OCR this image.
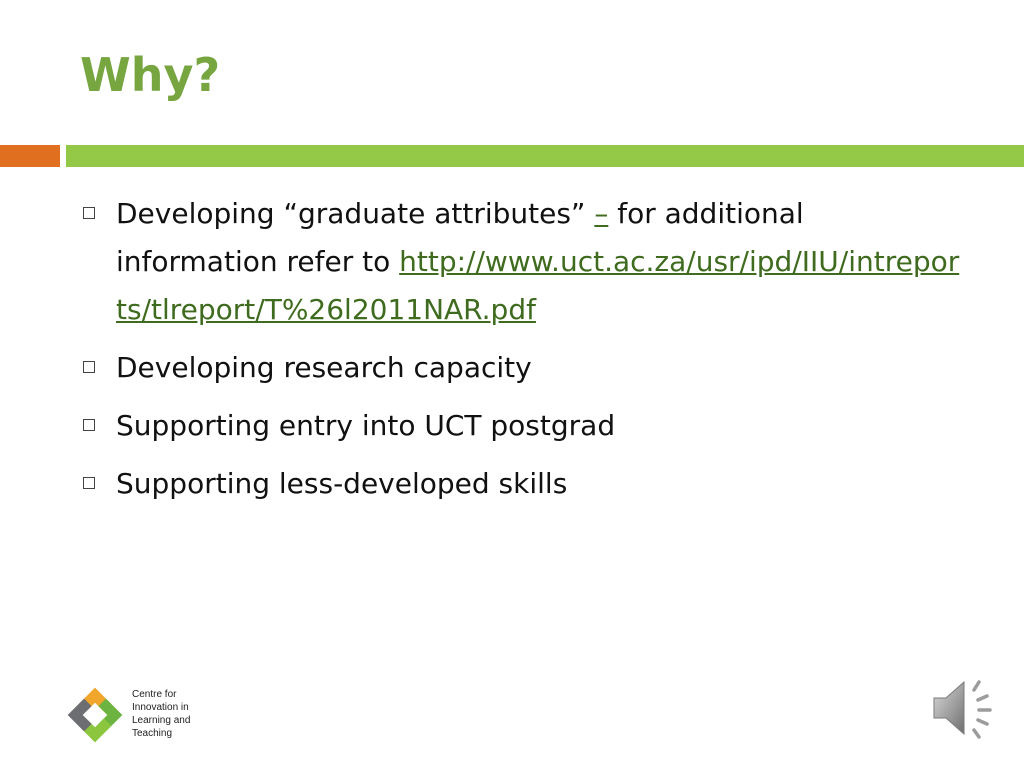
Why?
Developing “graduate attributes” – for additional information refer to http://www.uct.ac.za/usr/ipd/IIU/intreports/tlreport/T%26l2011NAR.pdf
Developing research capacity
Supporting entry into UCT postgrad
Supporting less-developed skills
Centre for
Innovation in
Learning and
Teaching
